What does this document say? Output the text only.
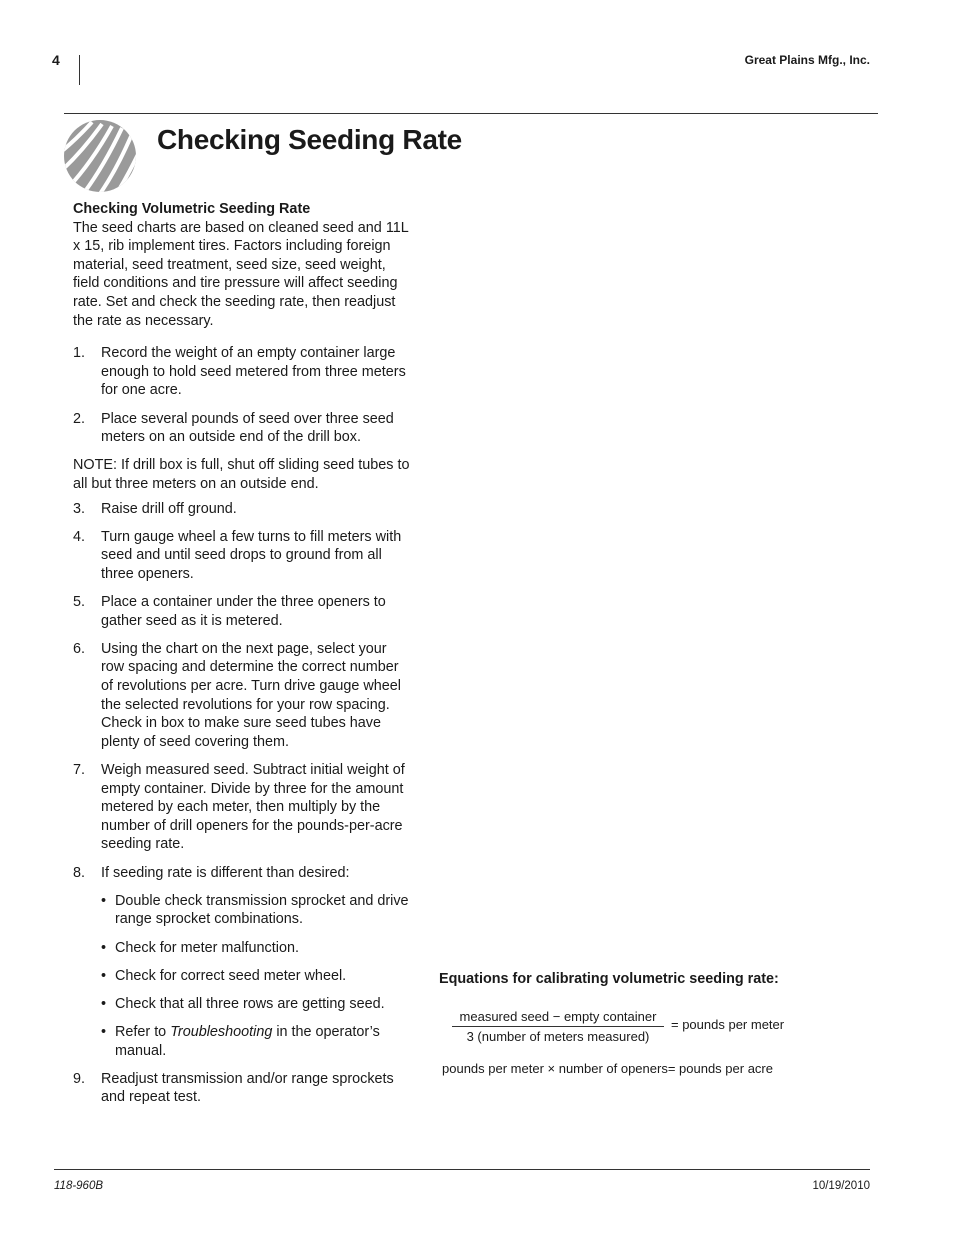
4	Great Plains Mfg., Inc.
Checking Seeding Rate

Checking Volumetric Seeding Rate

The seed charts are based on cleaned seed and 11L x 15, rib implement tires. Factors including foreign material, seed treatment, seed size, seed weight, field conditions and tire pressure will affect seeding rate. Set and check the seeding rate, then readjust the rate as necessary.

1.	Record the weight of an empty container large enough to hold seed metered from three meters for one acre.
2.	Place several pounds of seed over three seed meters on an outside end of the drill box.

NOTE: If drill box is full, shut off sliding seed tubes to all but three meters on an outside end.

3.	Raise drill off ground.
4.	Turn gauge wheel a few turns to fill meters with seed and until seed drops to ground from all three openers.
5.	Place a container under the three openers to gather seed as it is metered.
6.	Using the chart on the next page, select your row spacing and determine the correct number of revolutions per acre. Turn drive gauge wheel the selected revolutions for your row spacing. Check in box to make sure seed tubes have plenty of seed covering them.
7.	Weigh measured seed. Subtract initial weight of empty container. Divide by three for the amount metered by each meter, then multiply by the number of drill openers for the pounds-per-acre seeding rate.
8.	If seeding rate is different than desired:
• Double check transmission sprocket and drive range sprocket combinations.
• Check for meter malfunction.
• Check for correct seed meter wheel.
• Check that all three rows are getting seed.
• Refer to Troubleshooting in the operator’s manual.
9.	Readjust transmission and/or range sprockets and repeat test.
Equations for calibrating volumetric seeding rate:
measured seed − empty container
3 (number of meters measured)
= pounds per meter
pounds per meter × number of openers= pounds per acre
118-960B	10/19/2010
